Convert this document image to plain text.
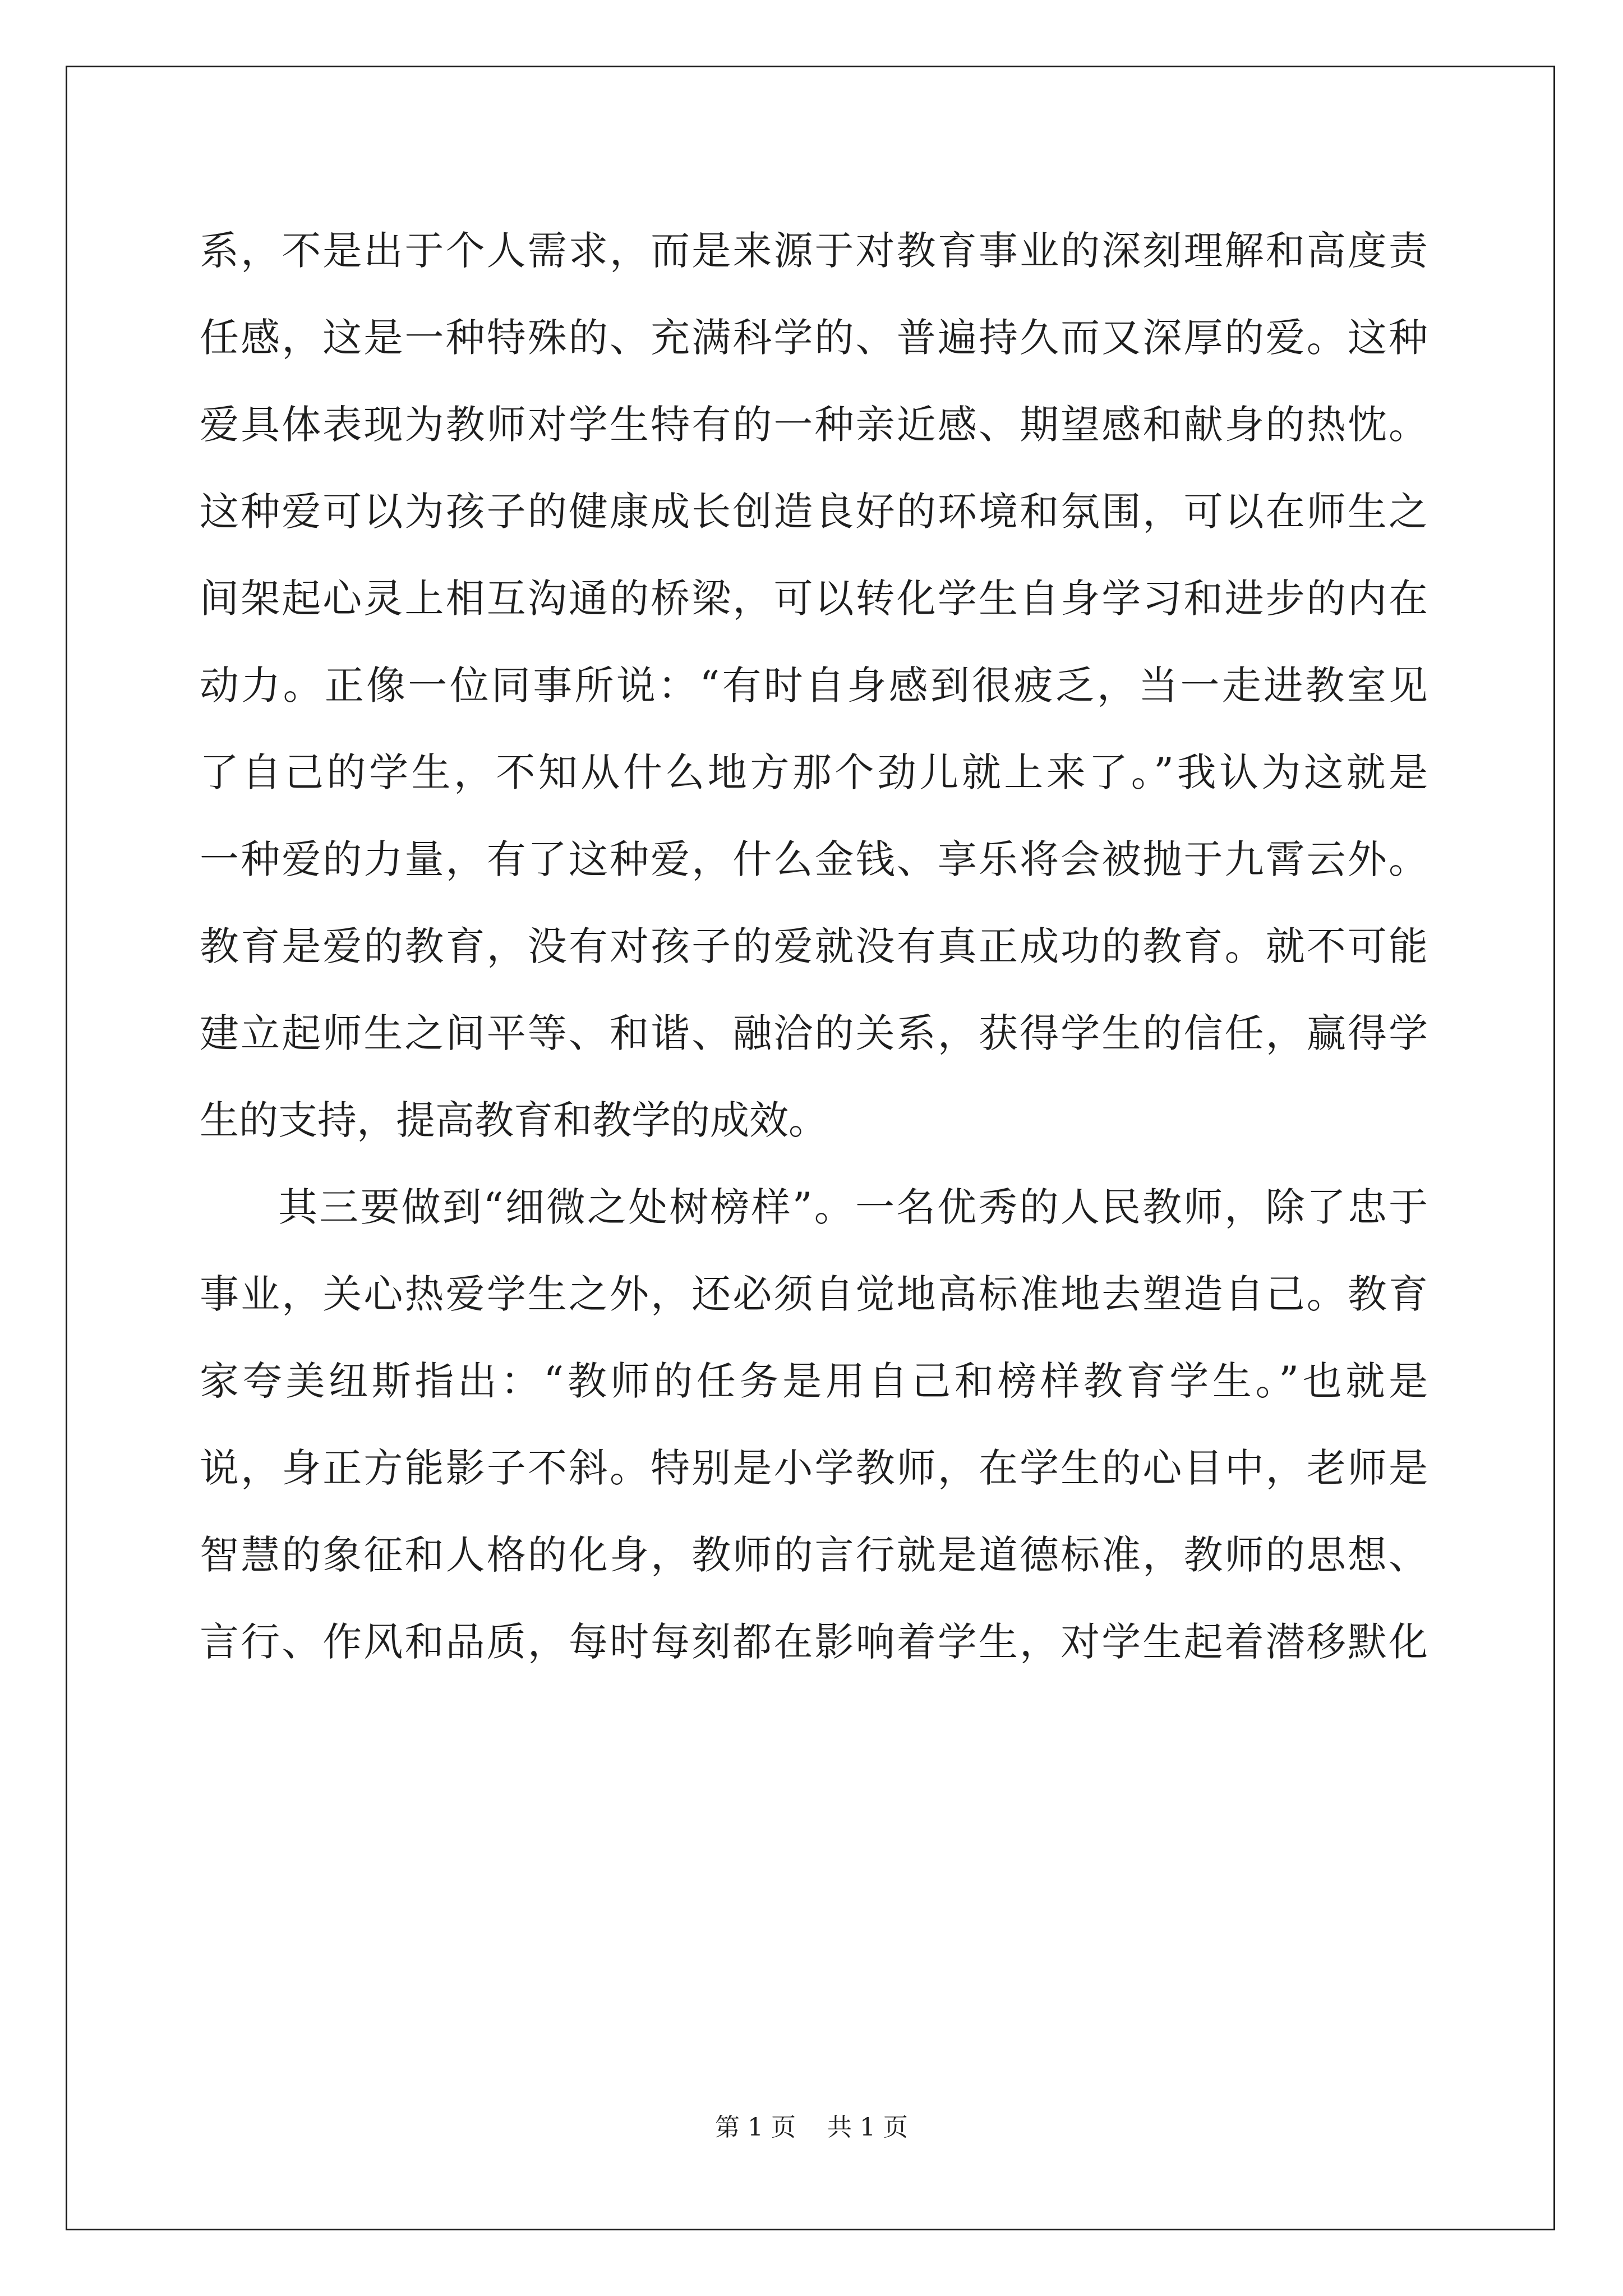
系，不是出于个人需求，而是来源于对教育事业的深刻理解和高度责
任感，这是一种特殊的、充满科学的、普遍持久而又深厚的爱。这种
爱具体表现为教师对学生特有的一种亲近感、期望感和献身的热忱。
这种爱可以为孩子的健康成长创造良好的环境和氛围，可以在师生之
间架起心灵上相互沟通的桥梁，可以转化学生自身学习和进步的内在
动力。正像一位同事所说：“有时自身感到很疲乏，当一走进教室见
了自己的学生，不知从什么地方那个劲儿就上来了。”我认为这就是
一种爱的力量，有了这种爱，什么金钱、享乐将会被抛于九霄云外。
教育是爱的教育，没有对孩子的爱就没有真正成功的教育。就不可能
建立起师生之间平等、和谐、融洽的关系，获得学生的信任，赢得学
生的支持，提高教育和教学的成效。
其三要做到“细微之处树榜样”。一名优秀的人民教师，除了忠于
事业，关心热爱学生之外，还必须自觉地高标准地去塑造自己。教育
家夸美纽斯指出：“教师的任务是用自己和榜样教育学生。”也就是
说，身正方能影子不斜。特别是小学教师，在学生的心目中，老师是
智慧的象征和人格的化身，教师的言行就是道德标准，教师的思想、
言行、作风和品质，每时每刻都在影响着学生，对学生起着潜移默化
第 1 页    共 1 页
